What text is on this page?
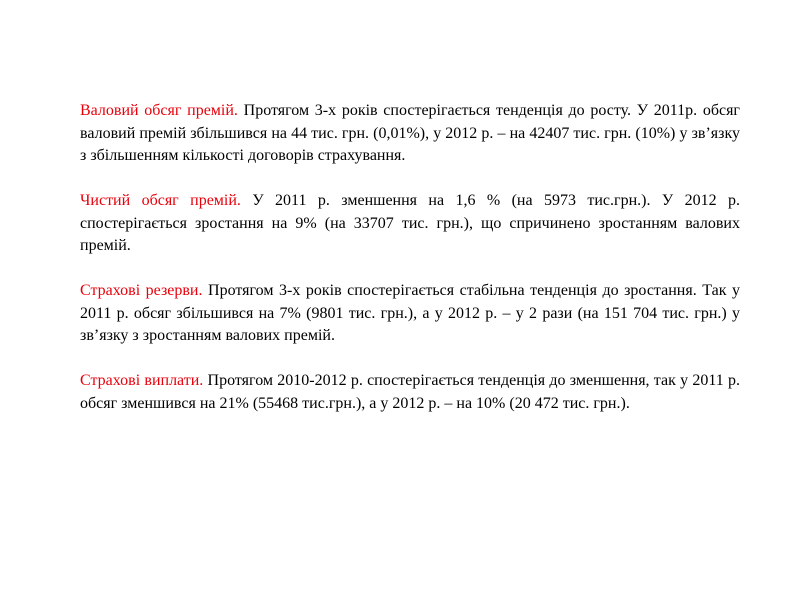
Валовий обсяг премій. Протягом 3-х років спостерігається тенденція до росту. У 2011р. обсяг валовий премій збільшився на 44 тис. грн. (0,01%), у 2012 р. – на 42407 тис. грн. (10%) у зв’язку з збільшенням кількості договорів страхування.

Чистий обсяг премій. У 2011 р. зменшення на 1,6 % (на 5973 тис.грн.). У 2012 р. спостерігається зростання на 9% (на 33707 тис. грн.), що спричинено зростанням валових премій.

Страхові резерви. Протягом 3-х років спостерігається стабільна тенденція до зростання. Так у 2011 р. обсяг збільшився на 7% (9801 тис. грн.), а у 2012 р. – у 2 рази (на 151 704 тис. грн.) у зв’язку з зростанням валових премій.

Страхові виплати. Протягом 2010-2012 р. спостерігається тенденція до зменшення, так у 2011 р. обсяг зменшився на 21% (55468 тис.грн.), а у 2012 р. – на 10% (20 472 тис. грн.).
